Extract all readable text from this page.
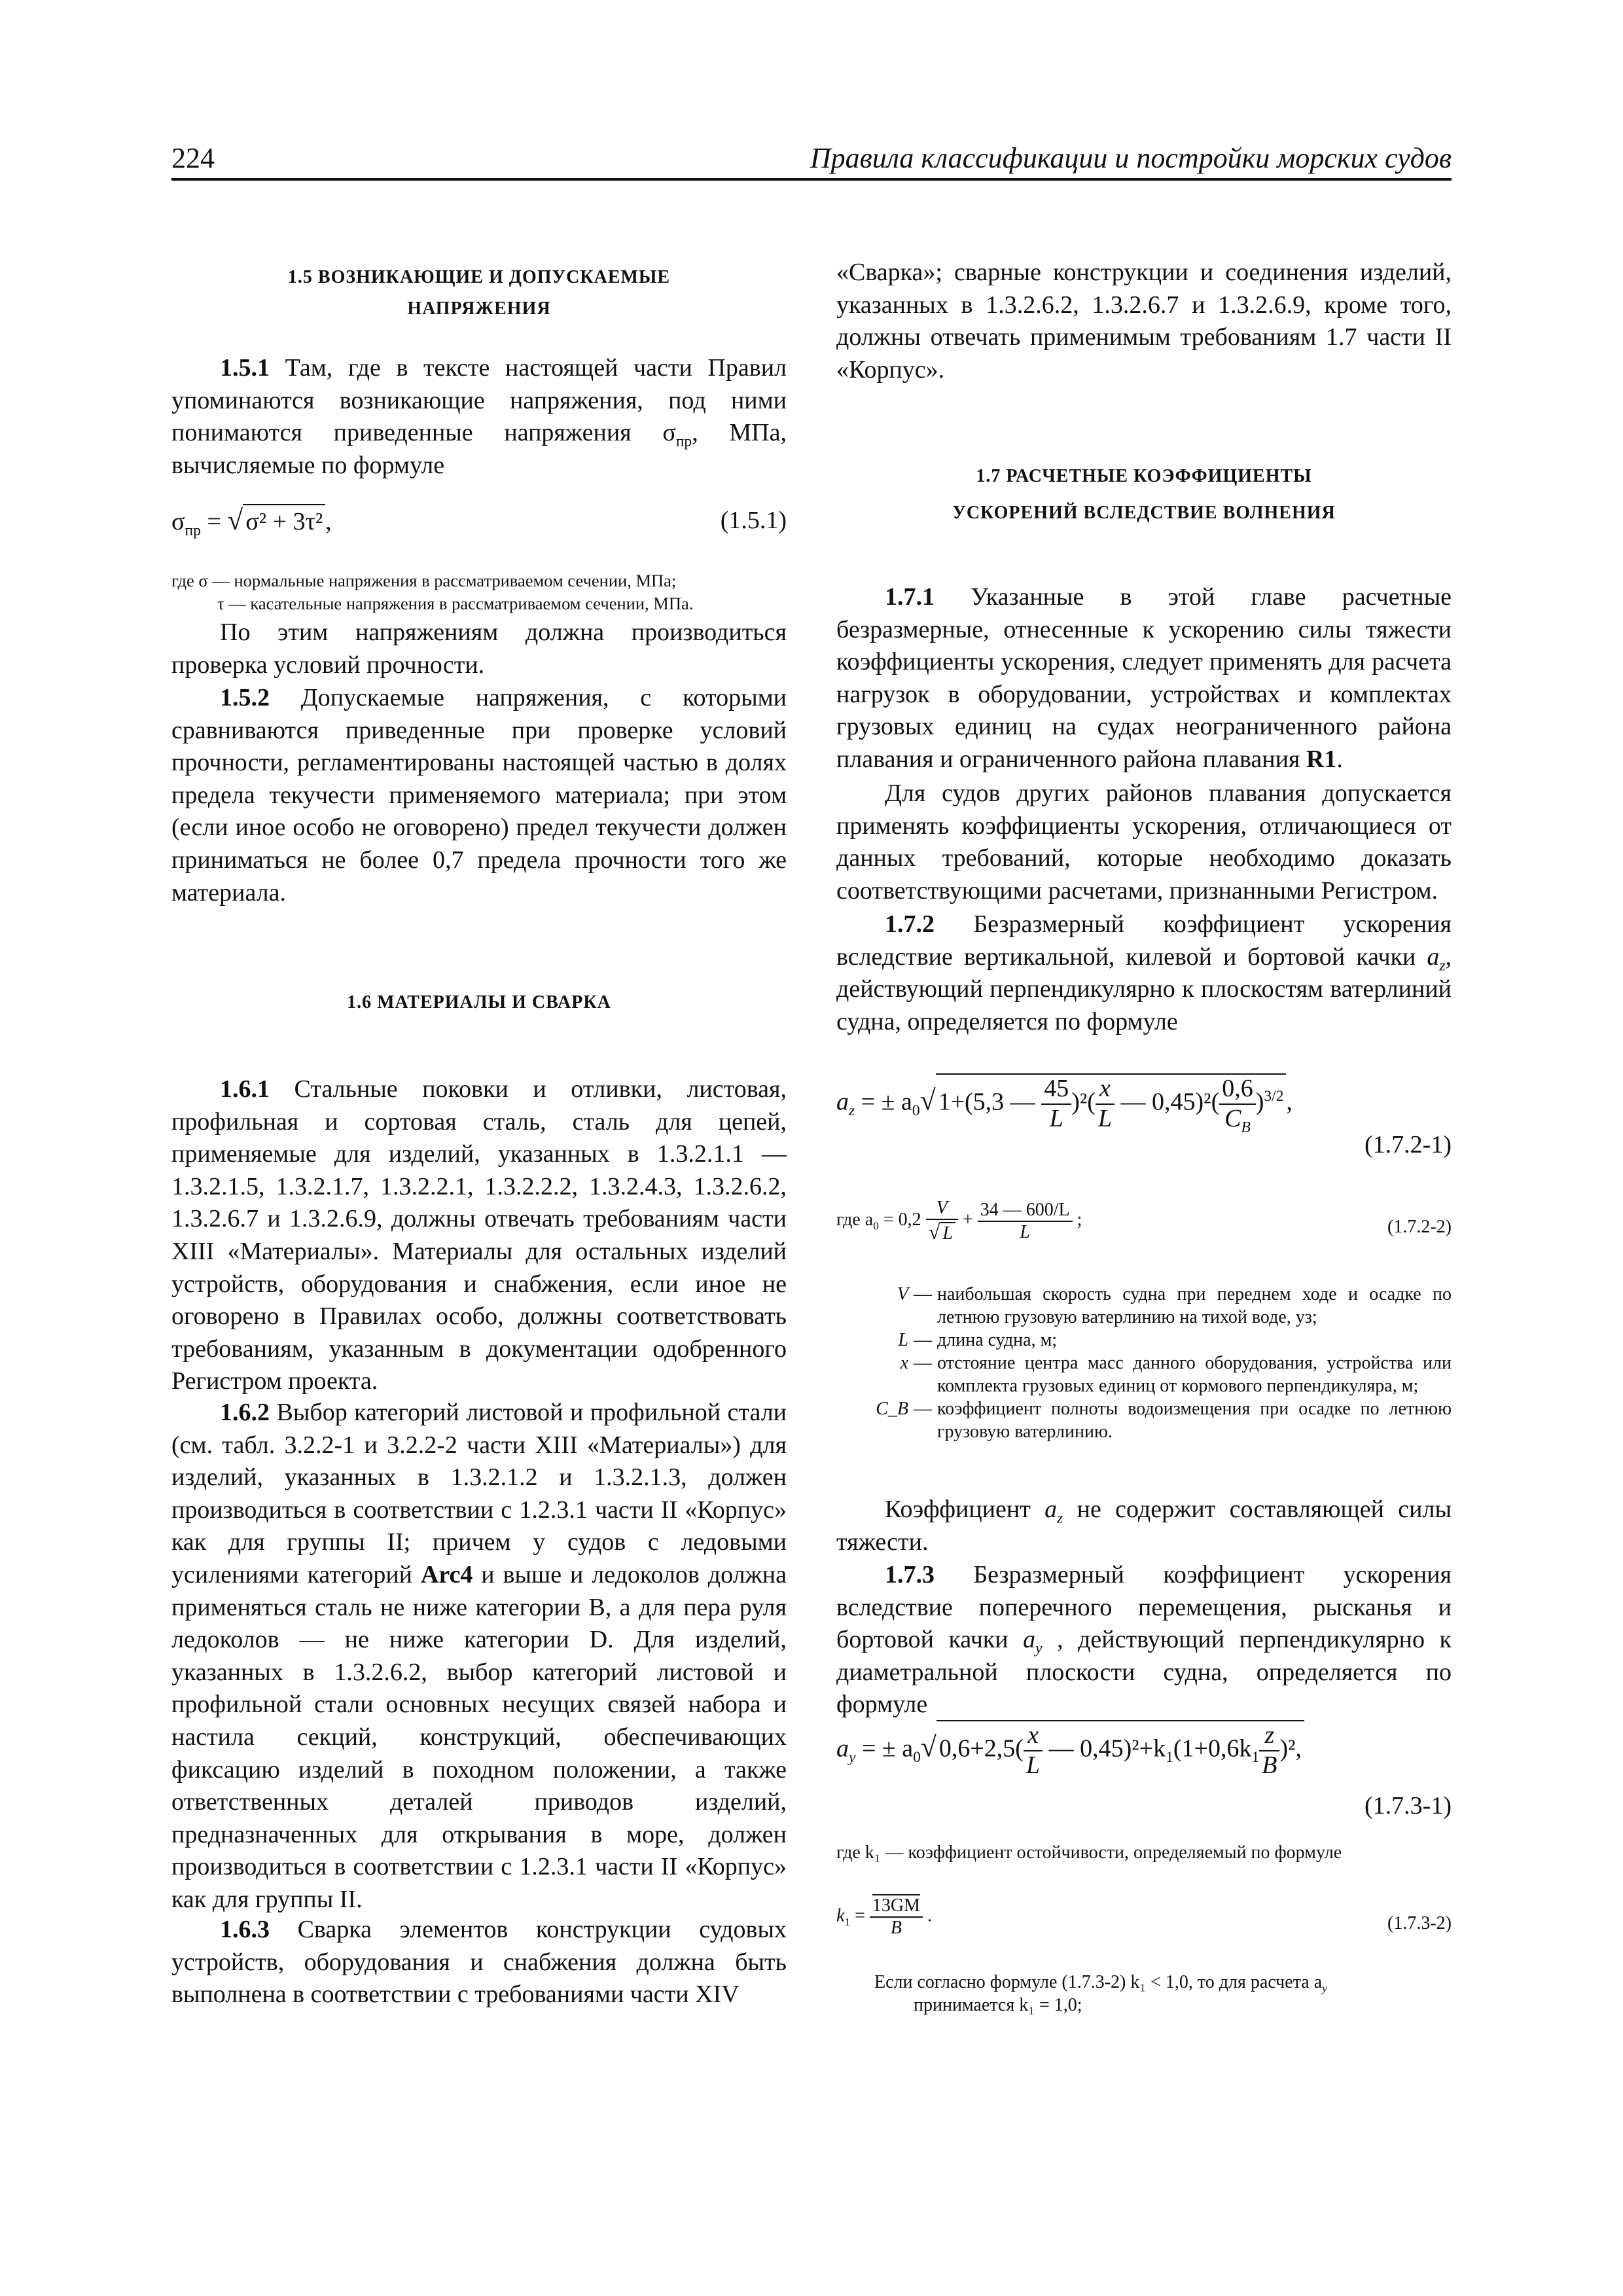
224	Правила классификации и постройки морских судов
1.5 ВОЗНИКАЮЩИЕ И ДОПУСКАЕМЫЕ
НАПРЯЖЕНИЯ
1.5.1 Там, где в тексте настоящей части Правил упоминаются возникающие напряжения, под ними понимаются приведенные напряжения $\sigma_{пр}$, МПа, вычисляемые по формуле
$\sigma_{пр}$ = √ σ² + 3τ² ,	(1.5.1)
где σ — нормальные напряжения в рассматриваемом сечении, МПа;
τ — касательные напряжения в рассматриваемом сечении, МПа.
По этим напряжениям должна производиться проверка условий прочности.
1.5.2 Допускаемые напряжения, с которыми сравниваются приведенные при проверке условий прочности, регламентированы настоящей частью в долях предела текучести применяемого материала; при этом (если иное особо не оговорено) предел текучести должен приниматься не более 0,7 предела прочности того же материала.
1.6 МАТЕРИАЛЫ И СВАРКА
1.6.1 Стальные поковки и отливки, листовая, профильная и сортовая сталь, сталь для цепей, применяемые для изделий, указанных в 1.3.2.1.1 — 1.3.2.1.5, 1.3.2.1.7, 1.3.2.2.1, 1.3.2.2.2, 1.3.2.4.3, 1.3.2.6.2, 1.3.2.6.7 и 1.3.2.6.9, должны отвечать требованиям части XIII «Материалы». Материалы для остальных изделий устройств, оборудования и снабжения, если иное не оговорено в Правилах особо, должны соответствовать требованиям, указанным в документации одобренного Регистром проекта.
1.6.2 Выбор категорий листовой и профильной стали (см. табл. 3.2.2-1 и 3.2.2-2 части XIII «Материалы») для изделий, указанных в 1.3.2.1.2 и 1.3.2.1.3, должен производиться в соответствии с 1.2.3.1 части II «Корпус» как для группы II; причем у судов с ледовыми усилениями категорий Arc4 и выше и ледоколов должна применяться сталь не ниже категории В, а для пера руля ледоколов — не ниже категории D. Для изделий, указанных в 1.3.2.6.2, выбор категорий листовой и профильной стали основных несущих связей набора и настила секций, конструкций, обеспечивающих фиксацию изделий в походном положении, а также ответственных деталей приводов изделий, предназначенных для открывания в море, должен производиться в соответствии с 1.2.3.1 части II «Корпус» как для группы II.
1.6.3 Сварка элементов конструкции судовых устройств, оборудования и снабжения должна быть выполнена в соответствии с требованиями части XIV
«Сварка»; сварные конструкции и соединения изделий, указанных в 1.3.2.6.2, 1.3.2.6.7 и 1.3.2.6.9, кроме того, должны отвечать применимым требованиям 1.7 части II «Корпус».
1.7 РАСЧЕТНЫЕ КОЭФФИЦИЕНТЫ
УСКОРЕНИЙ ВСЛЕДСТВИЕ ВОЛНЕНИЯ
1.7.1 Указанные в этой главе расчетные безразмерные, отнесенные к ускорению силы тяжести коэффициенты ускорения, следует применять для расчета нагрузок в оборудовании, устройствах и комплектах грузовых единиц на судах неограниченного района плавания и ограниченного района плавания R1.
Для судов других районов плавания допускается применять коэффициенты ускорения, отличающиеся от данных требований, которые необходимо доказать соответствующими расчетами, признанными Регистром.
1.7.2 Безразмерный коэффициент ускорения вследствие вертикальной, килевой и бортовой качки $a_z$, действующий перпендикулярно к плоскостям ватерлиний судна, определяется по формуле
$a_z$ = ± $a_0√$ 1+(5,3 — $\frac{45}{L} )^2( \frac{x}{L}$ — $0,45)^2( \frac{0,6}{C_B} )^{3/2}$ ,
(1.7.2-1)
где $a_0 = 0,2 \frac{V}{√ L} + \frac{34 — 600/L}{L}$ ;	(1.7.2-2)
V — наибольшая скорость судна при переднем ходе и осадке по летнюю грузовую ватерлинию на тихой воде, уз;
L — длина судна, м;
x — отстояние центра масс данного оборудования, устройства или комплекта грузовых единиц от кормового перпендикуляра, м;
C_B — коэффициент полноты водоизмещения при осадке по летнюю грузовую ватерлинию.
Коэффициент $a_z$ не содержит составляющей силы тяжести.
1.7.3 Безразмерный коэффициент ускорения вследствие поперечного перемещения, рысканья и бортовой качки $a_y$ , действующий перпендикулярно к диаметральной плоскости судна, определяется по формуле
$a_y$ = ± $a_0√$ $0,6+2,5( \frac{x}{L}$ — $0,45)^2+k_1(1+0,6k_1 \frac{z}{B} )^2$,
(1.7.3-1)
где k₁ — коэффициент остойчивости, определяемый по формуле
$k_1 = \frac{13GM}{B}$ .	(1.7.3-2)
Если согласно формуле (1.7.3-2) k₁ < 1,0, то для расчета $a_y$
принимается k₁ = 1,0;
